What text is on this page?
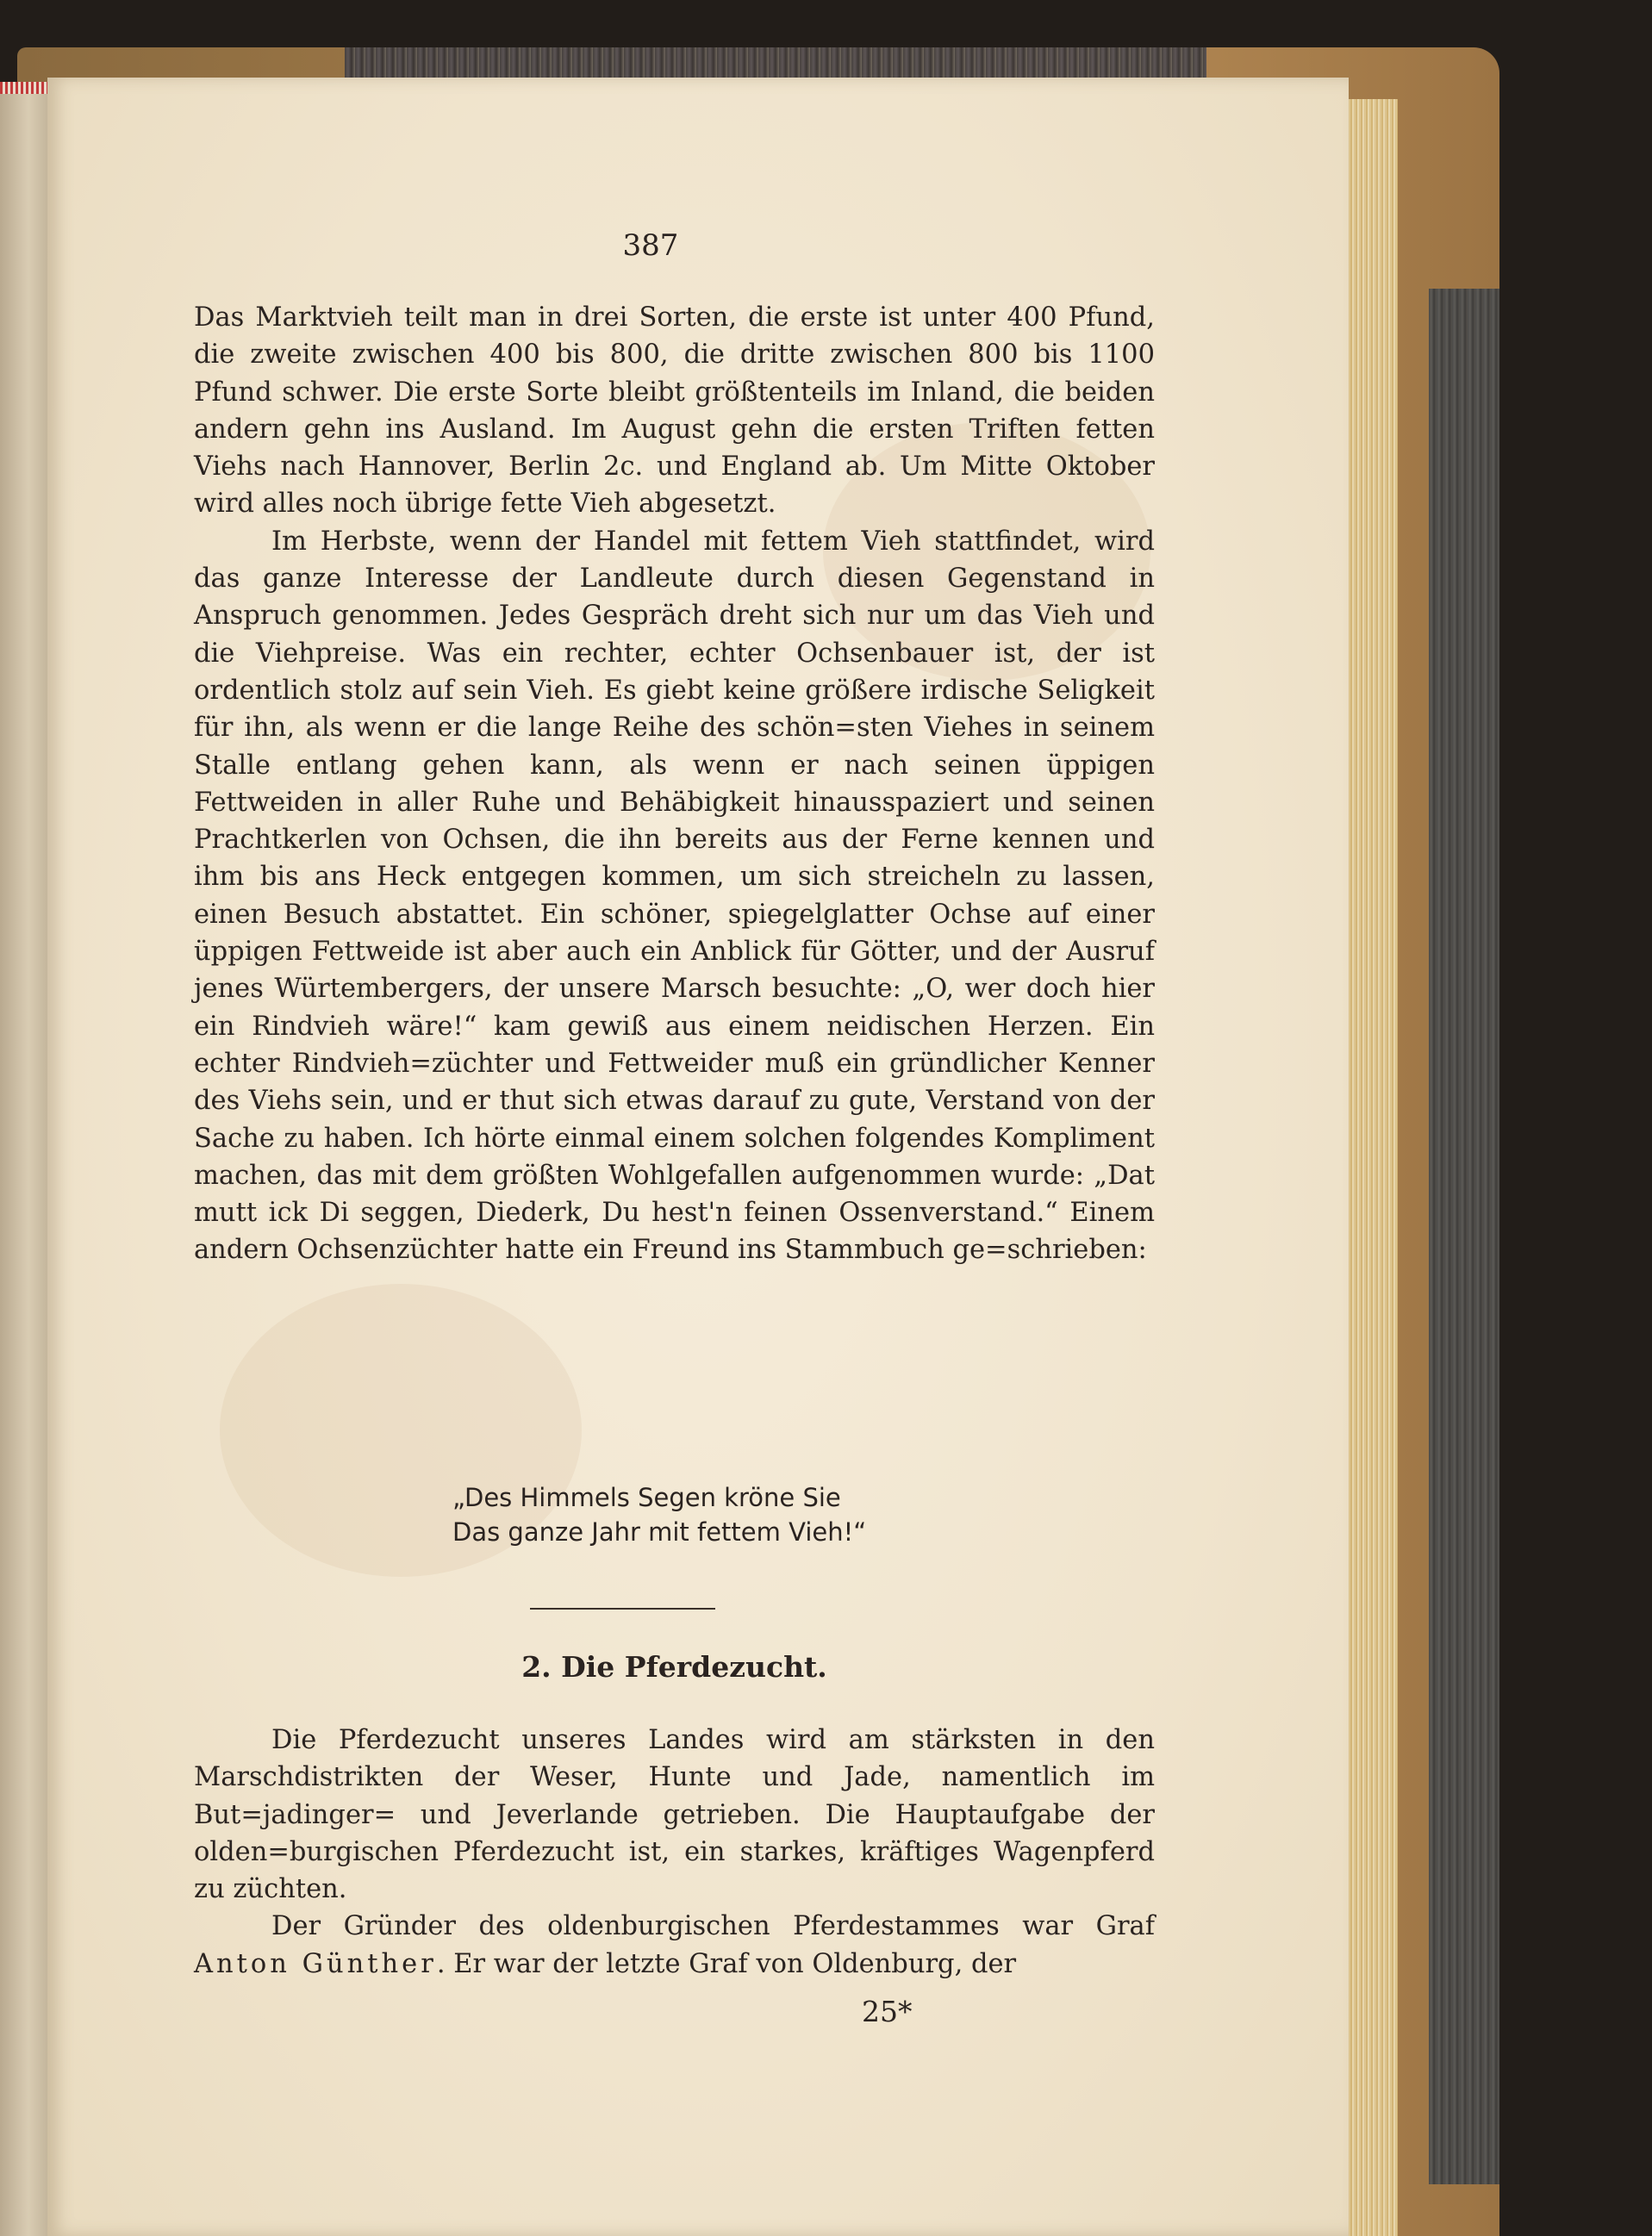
387

Das Marktvieh teilt man in drei Sorten, die erste ist unter 400 Pfund, die zweite zwischen 400 bis 800, die dritte zwischen 800 bis 1100 Pfund schwer. Die erste Sorte bleibt größtenteils im Inland, die beiden andern gehn ins Ausland. Im August gehn die ersten Triften fetten Viehs nach Hannover, Berlin 2c. und England ab. Um Mitte Oktober wird alles noch übrige fette Vieh abgesetzt.

Im Herbste, wenn der Handel mit fettem Vieh stattfindet, wird das ganze Interesse der Landleute durch diesen Gegenstand in Anspruch genommen. Jedes Gespräch dreht sich nur um das Vieh und die Viehpreise. Was ein rechter, echter Ochsenbauer ist, der ist ordentlich stolz auf sein Vieh. Es giebt keine größere irdische Seligkeit für ihn, als wenn er die lange Reihe des schön=sten Viehes in seinem Stalle entlang gehen kann, als wenn er nach seinen üppigen Fettweiden in aller Ruhe und Behäbigkeit hinausspaziert und seinen Prachtkerlen von Ochsen, die ihn bereits aus der Ferne kennen und ihm bis ans Heck entgegen kommen, um sich streicheln zu lassen, einen Besuch abstattet. Ein schöner, spiegelglatter Ochse auf einer üppigen Fettweide ist aber auch ein Anblick für Götter, und der Ausruf jenes Würtembergers, der unsere Marsch besuchte: „O, wer doch hier ein Rindvieh wäre!“ kam gewiß aus einem neidischen Herzen. Ein echter Rindvieh=züchter und Fettweider muß ein gründlicher Kenner des Viehs sein, und er thut sich etwas darauf zu gute, Verstand von der Sache zu haben. Ich hörte einmal einem solchen folgendes Kompliment machen, das mit dem größten Wohlgefallen aufgenommen wurde: „Dat mutt ick Di seggen, Diederk, Du hest'n feinen Ossenverstand.“ Einem andern Ochsenzüchter hatte ein Freund ins Stammbuch ge=schrieben:

„Des Himmels Segen kröne Sie
Das ganze Jahr mit fettem Vieh!“
2. Die Pferdezucht.

Die Pferdezucht unseres Landes wird am stärksten in den Marschdistrikten der Weser, Hunte und Jade, namentlich im But=jadinger= und Jeverlande getrieben. Die Hauptaufgabe der olden=burgischen Pferdezucht ist, ein starkes, kräftiges Wagenpferd zu züchten.

Der Gründer des oldenburgischen Pferdestammes war Graf Anton Günther. Er war der letzte Graf von Oldenburg, der

25*
